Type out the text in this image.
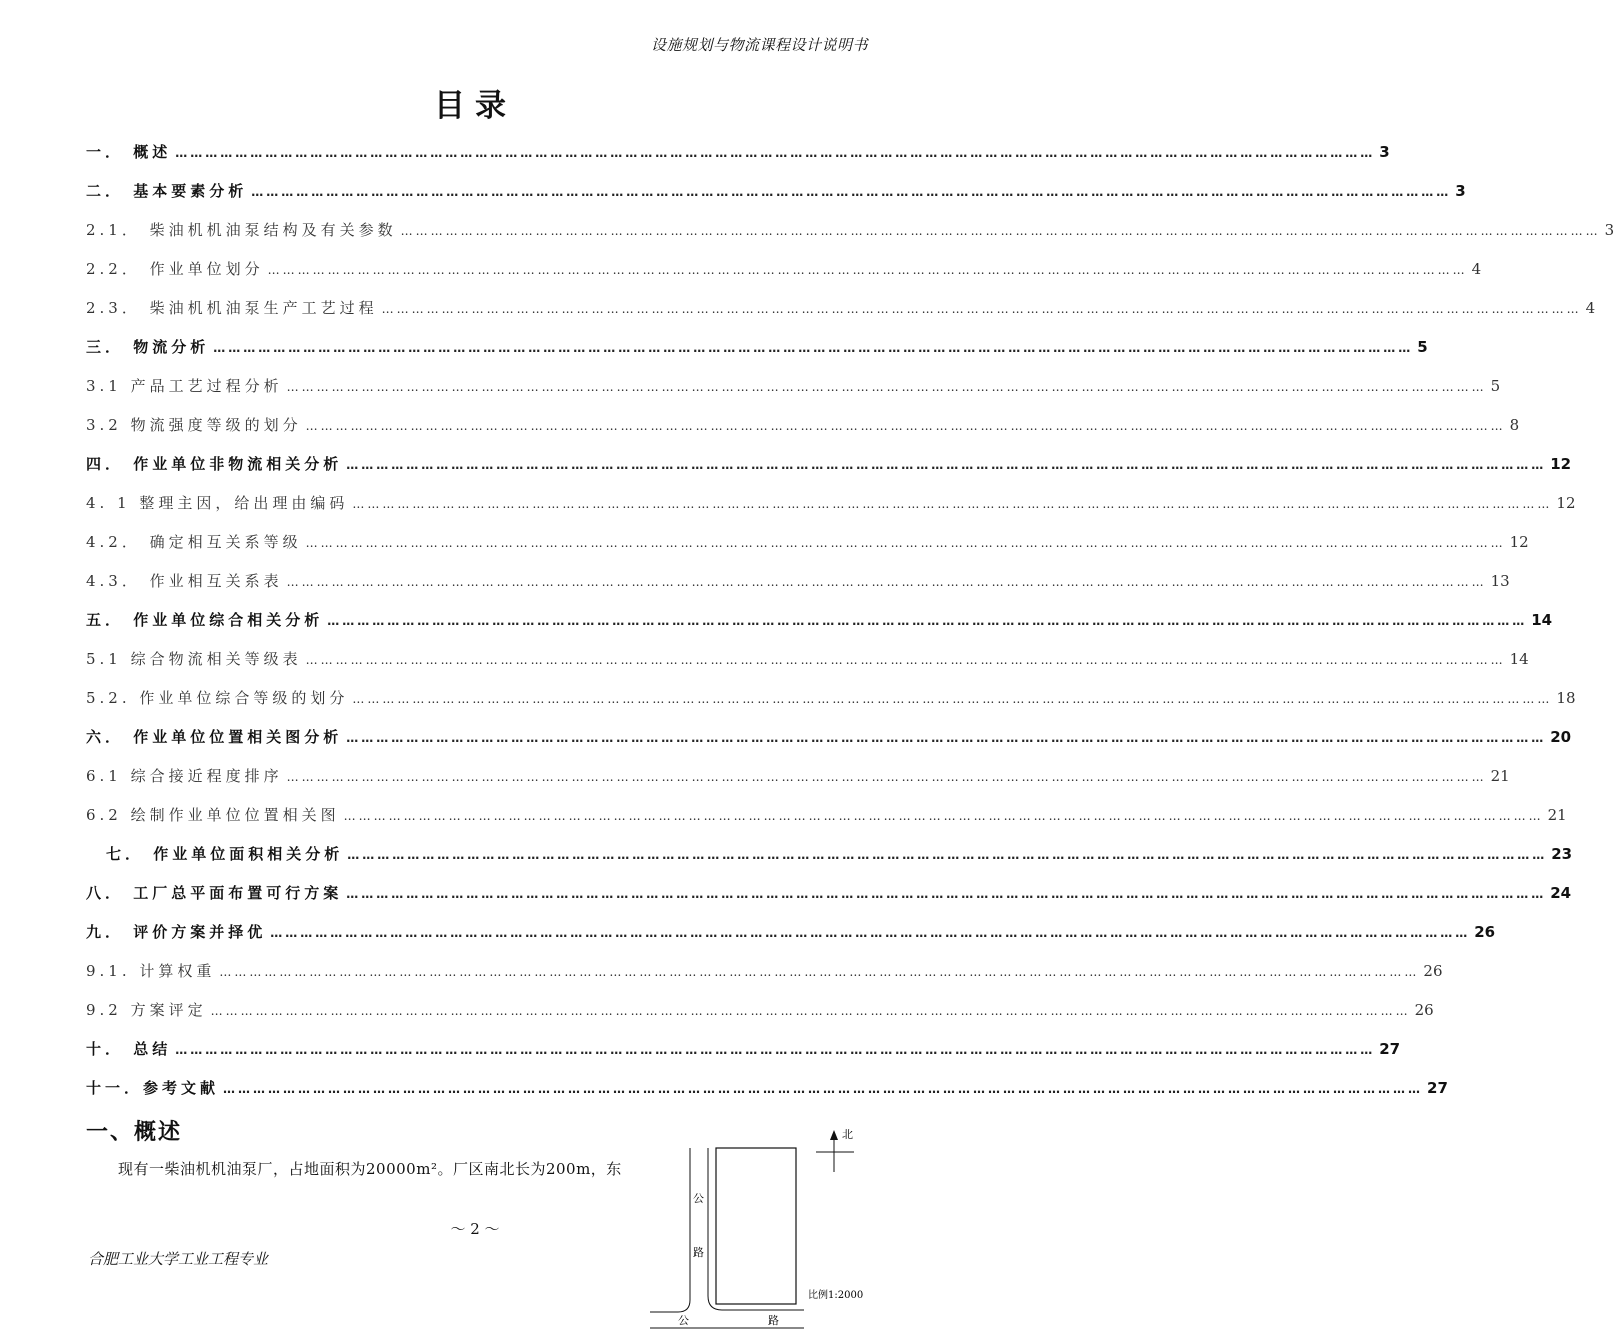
设施规划与物流课程设计说明书
目录
一． 概述 …………………………………………………………………………………………………………………………………………………………………………………………………………………… 3
二． 基本要素分析 …………………………………………………………………………………………………………………………………………………………………………………………………………………… 3
2.1． 柴油机机油泵结构及有关参数 …………………………………………………………………………………………………………………………………………………………………………………………………………………… 3
2.2． 作业单位划分 …………………………………………………………………………………………………………………………………………………………………………………………………………………… 4
2.3． 柴油机机油泵生产工艺过程 …………………………………………………………………………………………………………………………………………………………………………………………………………………… 4
三． 物流分析 …………………………………………………………………………………………………………………………………………………………………………………………………………………… 5
3.1 产品工艺过程分析 …………………………………………………………………………………………………………………………………………………………………………………………………………………… 5
3.2 物流强度等级的划分 …………………………………………………………………………………………………………………………………………………………………………………………………………………… 8
四． 作业单位非物流相关分析 …………………………………………………………………………………………………………………………………………………………………………………………………………………… 12
4. 1 整理主因，给出理由编码 …………………………………………………………………………………………………………………………………………………………………………………………………………………… 12
4.2． 确定相互关系等级 …………………………………………………………………………………………………………………………………………………………………………………………………………………… 12
4.3． 作业相互关系表 …………………………………………………………………………………………………………………………………………………………………………………………………………………… 13
五． 作业单位综合相关分析 …………………………………………………………………………………………………………………………………………………………………………………………………………………… 14
5.1 综合物流相关等级表 …………………………………………………………………………………………………………………………………………………………………………………………………………………… 14
5.2. 作业单位综合等级的划分 …………………………………………………………………………………………………………………………………………………………………………………………………………………… 18
六． 作业单位位置相关图分析 …………………………………………………………………………………………………………………………………………………………………………………………………………………… 20
6.1 综合接近程度排序 …………………………………………………………………………………………………………………………………………………………………………………………………………………… 21
6.2 绘制作业单位位置相关图 …………………………………………………………………………………………………………………………………………………………………………………………………………………… 21
七． 作业单位面积相关分析 …………………………………………………………………………………………………………………………………………………………………………………………………………………… 23
八． 工厂总平面布置可行方案 …………………………………………………………………………………………………………………………………………………………………………………………………………………… 24
九． 评价方案并择优 …………………………………………………………………………………………………………………………………………………………………………………………………………………… 26
9.1. 计算权重 …………………………………………………………………………………………………………………………………………………………………………………………………………………… 26
9.2 方案评定 …………………………………………………………………………………………………………………………………………………………………………………………………………………… 26
十． 总结 …………………………………………………………………………………………………………………………………………………………………………………………………………………… 27
十一．参考文献 …………………………………………………………………………………………………………………………………………………………………………………………………………………… 27
一、概述
现有一柴油机机油泵厂，占地面积为20000m²。厂区南北长为200m，东
～ 2 ～
合肥工业大学工业工程专业
北
公
路
公	路
比例1:2000
